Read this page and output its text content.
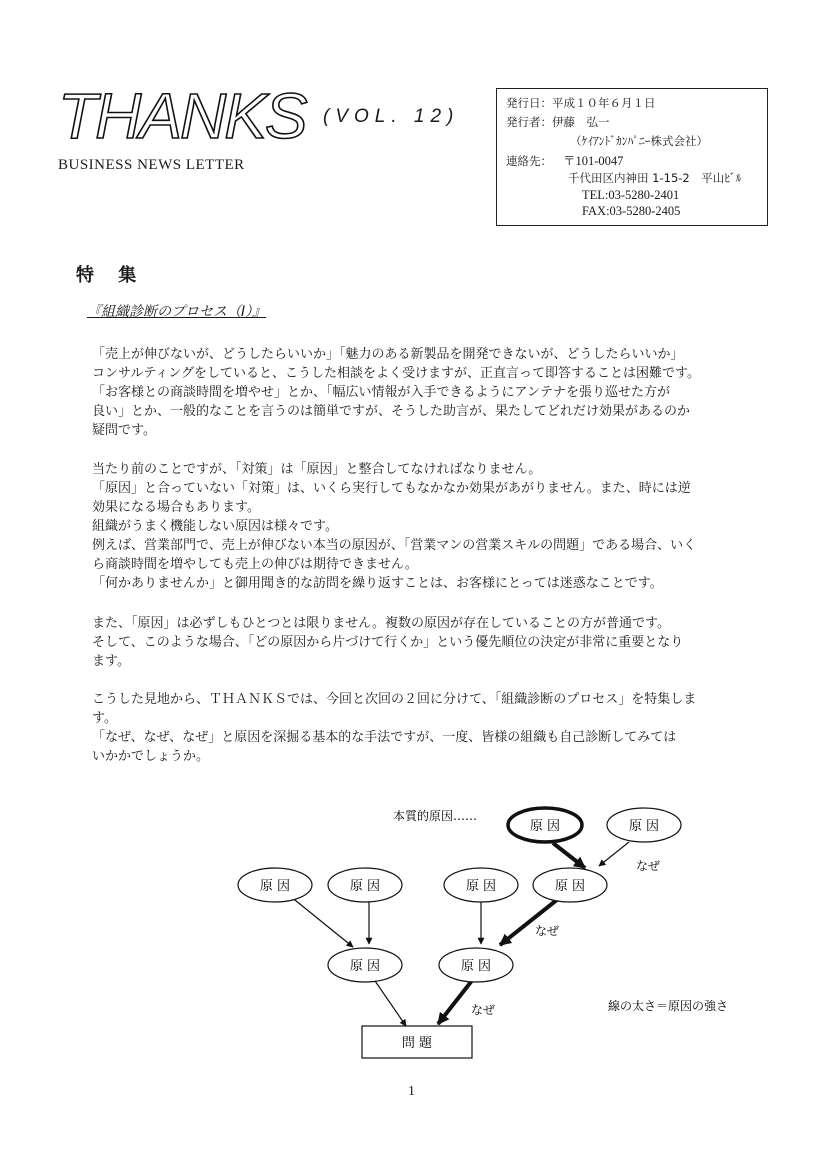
THANKS (VOL. 12)
BUSINESS NEWS LETTER
発行日：平成１０年６月１日
発行者：伊藤　弘一
（ｹｲｱﾝﾄﾞｶﾝﾊﾟﾆｰ株式会社）
連絡先： 〒101-0047
千代田区内神田 1-15-2　平山ﾋﾞﾙ
TEL:03-5280-2401
FAX:03-5280-2405
特 集
『組織診断のプロセス（Ⅰ）』
「売上が伸びないが、どうしたらいいか」「魅力のある新製品を開発できないが、どうしたらいいか」
コンサルティングをしていると、こうした相談をよく受けますが、正直言って即答することは困難です。
「お客様との商談時間を増やせ」とか、「幅広い情報が入手できるようにアンテナを張り巡せた方が
良い」とか、一般的なことを言うのは簡単ですが、そうした助言が、果たしてどれだけ効果があるのか
疑問です。
当たり前のことですが、「対策」は「原因」と整合してなければなりません。
「原因」と合っていない「対策」は、いくら実行してもなかなか効果があがりません。また、時には逆
効果になる場合もあります。
組織がうまく機能しない原因は様々です。
例えば、営業部門で、売上が伸びない本当の原因が、「営業マンの営業スキルの問題」である場合、いく
ら商談時間を増やしても売上の伸びは期待できません。
「何かありませんか」と御用聞き的な訪問を繰り返すことは、お客様にとっては迷惑なことです。
また、「原因」は必ずしもひとつとは限りません。複数の原因が存在していることの方が普通です。
そして、このような場合、「どの原因から片づけて行くか」という優先順位の決定が非常に重要となり
ます。
こうした見地から、ＴＨＡＮＫＳでは、今回と次回の２回に分けて、「組織診断のプロセス」を特集しま
す。
「なぜ、なぜ、なぜ」と原因を深掘る基本的な手法ですが、一度、皆様の組織も自己診断してみては
いかかでしょうか。
本質的原因……
原 因	原 因
なぜ
原 因	原 因	原 因	原 因
なぜ
原 因	原 因
なぜ	線の太さ＝原因の強さ
問 題
1
